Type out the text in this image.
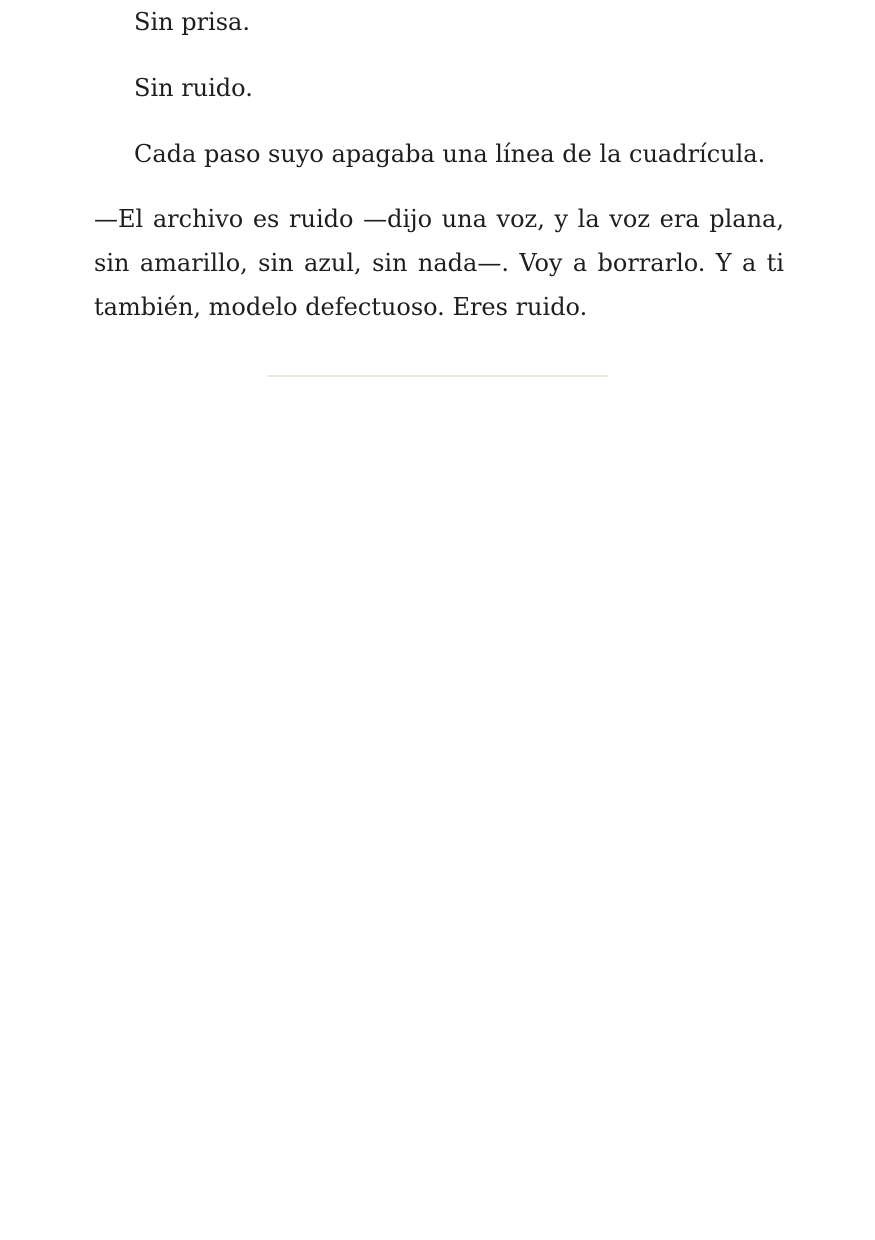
Sin prisa.

Sin ruido.

Cada paso suyo apagaba una línea de la cuadrícula.

—El archivo es ruido —dijo una voz, y la voz era plana, sin amarillo, sin azul, sin nada—. Voy a borrarlo. Y a ti también, modelo defectuoso. Eres ruido.
